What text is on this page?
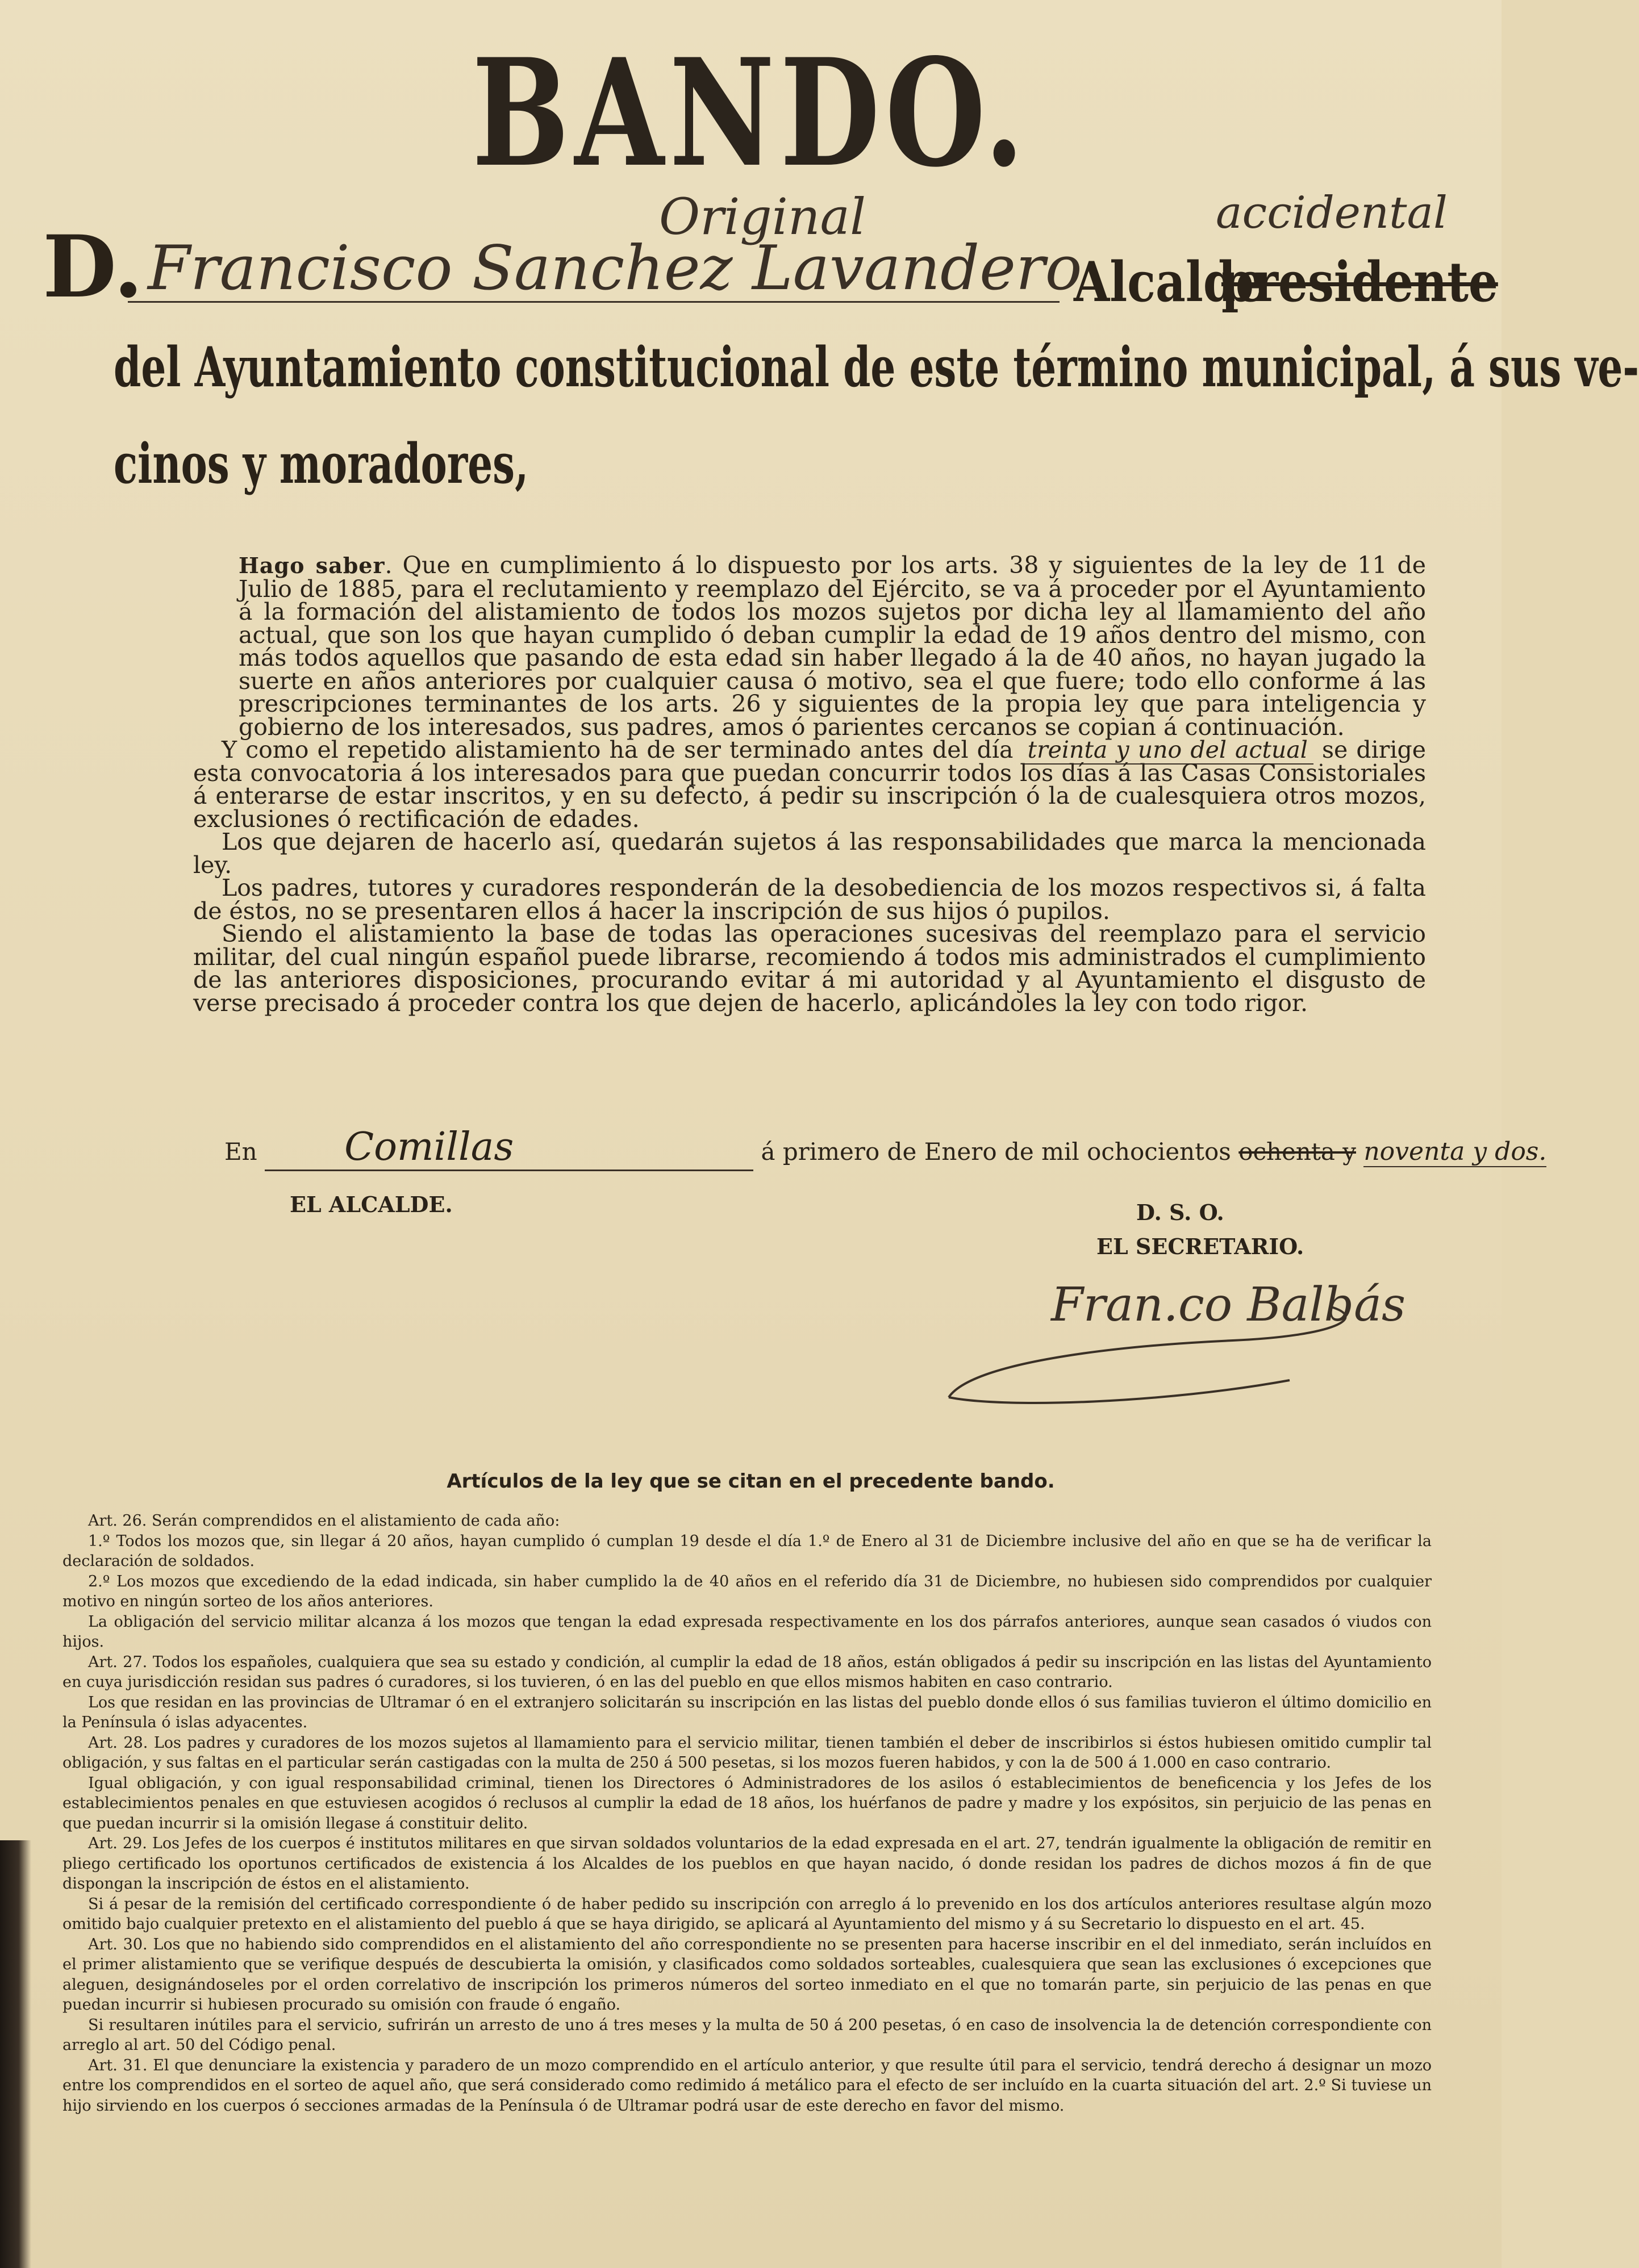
BANDO.
Original	accidental
D. Francisco Sanchez Lavandero
Alcalde
presidente
del Ayuntamiento constitucional de este término municipal, á sus ve-
cinos y moradores,

Hago saber. Que en cumplimiento á lo dispuesto por los arts. 38 y siguientes de la ley de 11 de Julio de 1885, para el reclutamiento y reemplazo del Ejército, se va á proceder por el Ayuntamiento á la formación del alistamiento de todos los mozos sujetos por dicha ley al llamamiento del año actual, que son los que hayan cumplido ó deban cumplir la edad de 19 años dentro del mismo, con más todos aquellos que pasando de esta edad sin haber llegado á la de 40 años, no hayan jugado la suerte en años anteriores por cualquier causa ó motivo, sea el que fuere; todo ello conforme á las prescripciones terminantes de los arts. 26 y siguientes de la propia ley que para inteligencia y gobierno de los interesados, sus padres, amos ó parientes cercanos se copian á continuación.

Y como el repetido alistamiento ha de ser terminado antes del día treinta y uno del actual se dirige esta convocatoria á los interesados para que puedan concurrir todos los días á las Casas Consistoriales á enterarse de estar inscritos, y en su defecto, á pedir su inscripción ó la de cualesquiera otros mozos, exclusiones ó rectificación de edades.

Los que dejaren de hacerlo así, quedarán sujetos á las responsabilidades que marca la mencionada ley.

Los padres, tutores y curadores responderán de la desobediencia de los mozos respectivos si, á falta de éstos, no se presentaren ellos á hacer la inscripción de sus hijos ó pupilos.

Siendo el alistamiento la base de todas las operaciones sucesivas del reemplazo para el servicio militar, del cual ningún español puede librarse, recomiendo á todos mis administrados el cumplimiento de las anteriores disposiciones, procurando evitar á mi autoridad y al Ayuntamiento el disgusto de verse precisado á proceder contra los que dejen de hacerlo, aplicándoles la ley con todo rigor.

En Comillas	á primero de Enero de mil ochocientos ochenta y noventa y dos.
EL ALCALDE.	D. S. O.
EL SECRETARIO.
Fran.co Balbás
Artículos de la ley que se citan en el precedente bando.

Art. 26. Serán comprendidos en el alistamiento de cada año:

1.º Todos los mozos que, sin llegar á 20 años, hayan cumplido ó cumplan 19 desde el día 1.º de Enero al 31 de Diciembre inclusive del año en que se ha de verificar la declaración de soldados.

2.º Los mozos que excediendo de la edad indicada, sin haber cumplido la de 40 años en el referido día 31 de Diciembre, no hubiesen sido comprendidos por cualquier motivo en ningún sorteo de los años anteriores.

La obligación del servicio militar alcanza á los mozos que tengan la edad expresada respectivamente en los dos párrafos anteriores, aunque sean casados ó viudos con hijos.

Art. 27. Todos los españoles, cualquiera que sea su estado y condición, al cumplir la edad de 18 años, están obligados á pedir su inscripción en las listas del Ayuntamiento en cuya jurisdicción residan sus padres ó curadores, si los tuvieren, ó en las del pueblo en que ellos mismos habiten en caso contrario.

Los que residan en las provincias de Ultramar ó en el extranjero solicitarán su inscripción en las listas del pueblo donde ellos ó sus familias tuvieron el último domicilio en la Península ó islas adyacentes.

Art. 28. Los padres y curadores de los mozos sujetos al llamamiento para el servicio militar, tienen también el deber de inscribirlos si éstos hubiesen omitido cumplir tal obligación, y sus faltas en el particular serán castigadas con la multa de 250 á 500 pesetas, si los mozos fueren habidos, y con la de 500 á 1.000 en caso contrario.

Igual obligación, y con igual responsabilidad criminal, tienen los Directores ó Administradores de los asilos ó establecimientos de beneficencia y los Jefes de los establecimientos penales en que estuviesen acogidos ó reclusos al cumplir la edad de 18 años, los huérfanos de padre y madre y los expósitos, sin perjuicio de las penas en que puedan incurrir si la omisión llegase á constituir delito.

Art. 29. Los Jefes de los cuerpos é institutos militares en que sirvan soldados voluntarios de la edad expresada en el art. 27, tendrán igualmente la obligación de remitir en pliego certificado los oportunos certificados de existencia á los Alcaldes de los pueblos en que hayan nacido, ó donde residan los padres de dichos mozos á fin de que dispongan la inscripción de éstos en el alistamiento.

Si á pesar de la remisión del certificado correspondiente ó de haber pedido su inscripción con arreglo á lo prevenido en los dos artículos anteriores resultase algún mozo omitido bajo cualquier pretexto en el alistamiento del pueblo á que se haya dirigido, se aplicará al Ayuntamiento del mismo y á su Secretario lo dispuesto en el art. 45.

Art. 30. Los que no habiendo sido comprendidos en el alistamiento del año correspondiente no se presenten para hacerse inscribir en el del inmediato, serán incluídos en el primer alistamiento que se verifique después de descubierta la omisión, y clasificados como soldados sorteables, cualesquiera que sean las exclusiones ó excepciones que aleguen, designándoseles por el orden correlativo de inscripción los primeros números del sorteo inmediato en el que no tomarán parte, sin perjuicio de las penas en que puedan incurrir si hubiesen procurado su omisión con fraude ó engaño.

Si resultaren inútiles para el servicio, sufrirán un arresto de uno á tres meses y la multa de 50 á 200 pesetas, ó en caso de insolvencia la de detención correspondiente con arreglo al art. 50 del Código penal.

Art. 31. El que denunciare la existencia y paradero de un mozo comprendido en el artículo anterior, y que resulte útil para el servicio, tendrá derecho á designar un mozo entre los comprendidos en el sorteo de aquel año, que será considerado como redimido á metálico para el efecto de ser incluído en la cuarta situación del art. 2.º Si tuviese un hijo sirviendo en los cuerpos ó secciones armadas de la Península ó de Ultramar podrá usar de este derecho en favor del mismo.
